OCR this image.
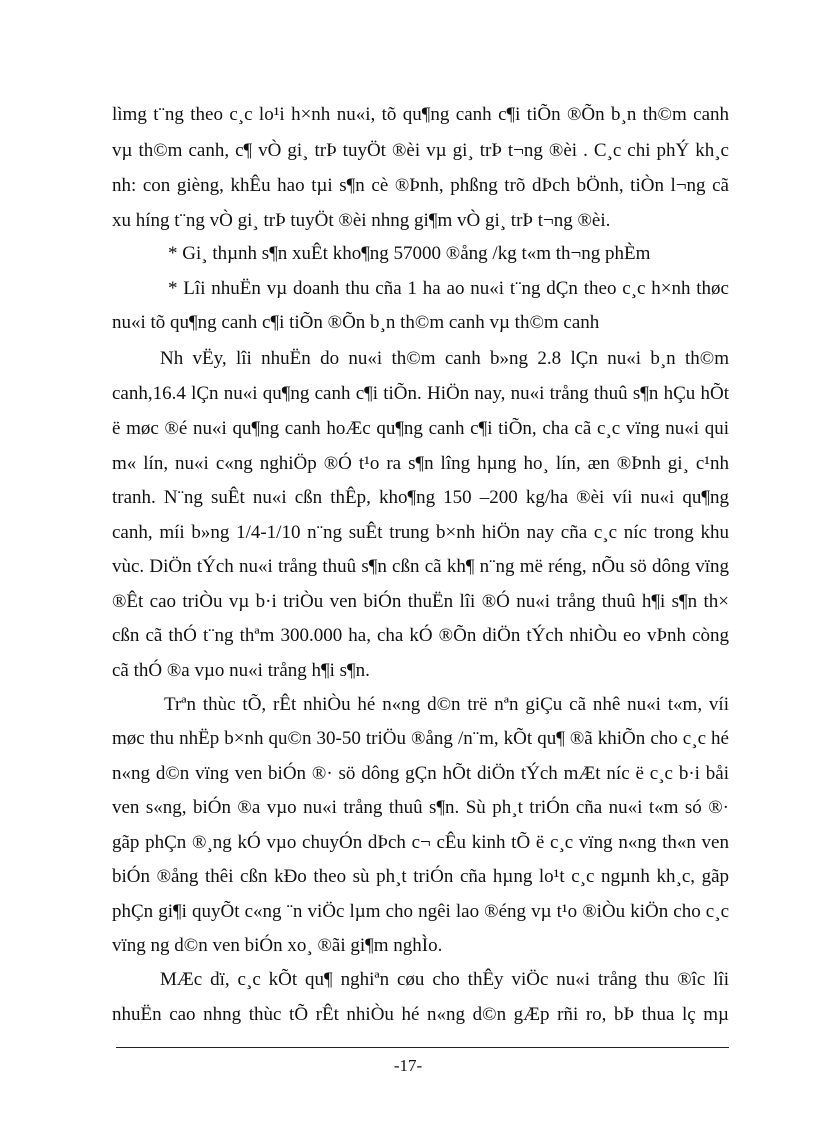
lìmg t¨ng theo c¸c lo¹i h×nh nu«i, tõ qu¶ng canh c¶i tiÕn ®Õn b¸n th©m canh
vµ th©m canh, c¶ vÒ gi¸ trÞ tuyÖt ®èi vµ gi¸ trÞ t¬ng ®èi . C¸c chi phÝ kh¸c
nh: con gièng, khÊu hao tµi s¶n cè ®Þnh, phßng trõ dÞch bÖnh, tiÒn l¬ng cã
xu híng t¨ng vÒ gi¸ trÞ tuyÖt ®èi nhng gi¶m vÒ gi¸ trÞ t¬ng ®èi.
* Gi¸ thµnh s¶n xuÊt kho¶ng 57000 ®ång /kg t«m th¬ng phÈm
* Lîi nhuËn vµ doanh thu cña 1 ha ao nu«i t¨ng dÇn theo c¸c h×nh thøc
nu«i tõ qu¶ng canh c¶i tiÕn ®Õn b¸n th©m canh vµ th©m canh
Nh vËy, lîi nhuËn do nu«i th©m canh b»ng 2.8 lÇn nu«i b¸n th©m
canh,16.4 lÇn nu«i qu¶ng canh c¶i tiÕn. HiÖn nay, nu«i trång thuû s¶n hÇu hÕt
ë møc ®é nu«i qu¶ng canh hoÆc qu¶ng canh c¶i tiÕn, cha cã c¸c vïng nu«i qui
m« lín, nu«i c«ng nghiÖp ®Ó t¹o ra s¶n lîng hµng ho¸ lín, æn ®Þnh gi¸ c¹nh
tranh. N¨ng suÊt nu«i cßn thÊp, kho¶ng 150 –200 kg/ha ®èi víi nu«i qu¶ng
canh, míi b»ng 1/4-1/10 n¨ng suÊt trung b×nh hiÖn nay cña c¸c níc trong khu
vùc. DiÖn tÝch nu«i trång thuû s¶n cßn cã kh¶ n¨ng më réng, nÕu sö dông vïng
®Êt cao triÒu vµ b·i triÒu ven biÓn thuËn lîi ®Ó nu«i trång thuû h¶i s¶n th×
cßn cã thÓ t¨ng thªm 300.000 ha, cha kÓ ®Õn diÖn tÝch nhiÒu eo vÞnh còng
cã thÓ ®a vµo nu«i trång h¶i s¶n.
Trªn thùc tÕ, rÊt nhiÒu hé n«ng d©n trë nªn giÇu cã nhê nu«i t«m, víi
møc thu nhËp b×nh qu©n 30-50 triÖu ®ång /n¨m, kÕt qu¶ ®ã khiÕn cho c¸c hé
n«ng d©n vïng ven biÓn ®· sö dông gÇn hÕt diÖn tÝch mÆt níc ë c¸c b·i båi
ven s«ng, biÓn ®a vµo nu«i trång thuû s¶n. Sù ph¸t triÓn cña nu«i t«m só ®·
gãp phÇn ®¸ng kÓ vµo chuyÓn dÞch c¬ cÊu kinh tÕ ë c¸c vïng n«ng th«n ven
biÓn ®ång thêi cßn kÐo theo sù ph¸t triÓn cña hµng lo¹t c¸c ngµnh kh¸c, gãp
phÇn gi¶i quyÕt c«ng ¨n viÖc lµm cho ngêi lao ®éng vµ t¹o ®iÒu kiÖn cho c¸c
vïng ng d©n ven biÓn xo¸ ®ãi gi¶m nghÌo.
MÆc dï, c¸c kÕt qu¶ nghiªn cøu cho thÊy viÖc nu«i trång thu ®îc lîi
nhuËn cao nhng thùc tÕ rÊt nhiÒu hé n«ng d©n gÆp rñi ro, bÞ thua lç mµ
-17-
